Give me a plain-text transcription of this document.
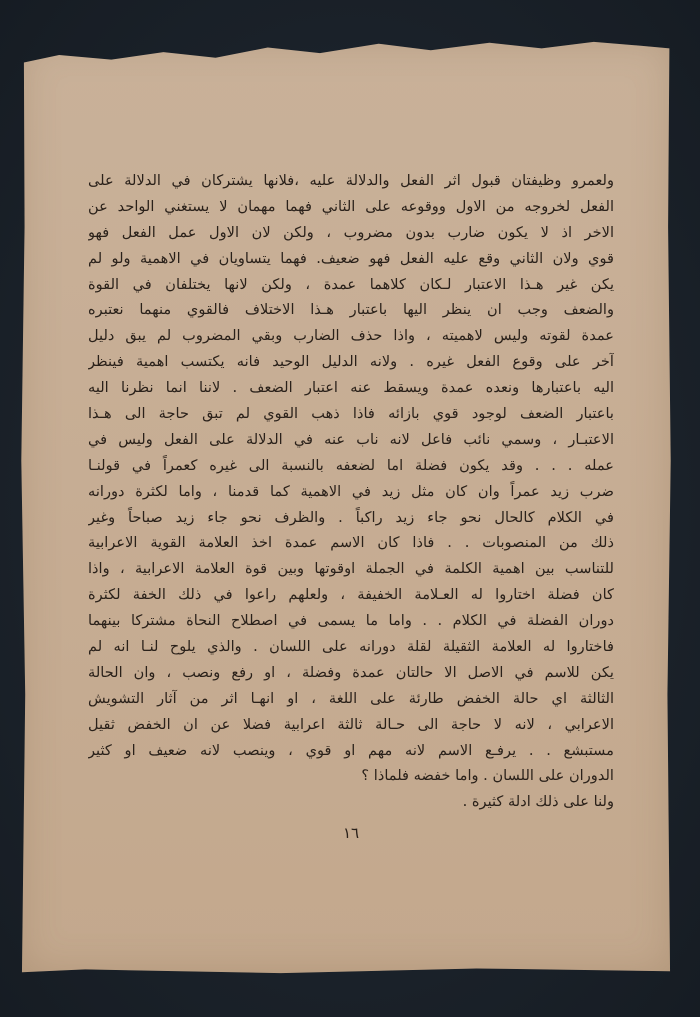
ولعمرو وظيفتان قبول اثر الفعل والدلالة عليه ،فلانها يشتركان في الدلالة على
الفعل لخروجه من الاول ووقوعه على الثاني فهما مهمان لا يستغني الواحد عن
الاخر اذ لا يكون ضارب بدون مضروب ، ولكن لان الاول عمل الفعل فهو
قوي ولان الثاني وقع عليه الفعل فهو ضعيف. فهما يتساويان في الاهمية ولو لم
يكن غير هـذا الاعتبار لـكان كلاهما عمدة ، ولكن لانها يختلفان في القوة
والضعف وجب ان ينظر اليها باعتبار هـذا الاختلاف فالقوي منهما نعتبره
عمدة لقوته وليس لاهميته ، واذا حذف الضارب وبقي المضروب لم يبق دليل
آخر على وقوع الفعل غيره . ولانه الدليل الوحيد فانه يكتسب اهمية فينظر
اليه باعتبارها ونعده عمدة ويسقط عنه اعتبار الضعف . لاننا انما نظرنا اليه
باعتبار الضعف لوجود قوي بازائه فاذا ذهب القوي لم تبق حاجة الى هـذا
الاعتبـار ، وسمي نائب فاعل لانه ناب عنه في الدلالة على الفعل وليس في
عمله . . . وقد يكون فضلة اما لضعفه بالنسبة الى غيره كعمراً في قولنـا
ضرب زيد عمراً وان كان مثل زيد في الاهمية كما قدمنا ، واما لكثرة دورانه
في الكلام كالحال نحو جاء زيد راكباً . والظرف نحو جاء زيد صباحاً وغير
ذلك من المنصوبات . . فاذا كان الاسم عمدة اخذ العلامة القوية الاعرابية
للتناسب بين اهمية الكلمة في الجملة اوقوتها وبين قوة العلامة الاعرابية ، واذا
كان فضلة اختاروا له العـلامة الخفيفة ، ولعلهم راعوا في ذلك الخفة لكثرة
دوران الفضلة في الكلام . . واما ما يسمى في اصطلاح النحاة مشتركا بينهما
فاختاروا له العلامة الثقيلة لقلة دورانه على اللسان . والذي يلوح لنـا انه لم
يكن للاسم في الاصل الا حالتان عمدة وفضلة ، او رفع ونصب ، وان الحالة
الثالثة اي حالة الخفض طارئة على اللغة ، او انهـا اثر من آثار التشويش
الاعرابي ، لانه لا حاجة الى حـالة ثالثة اعرابية فضلا عن ان الخفض ثقيل
مستبشع . . يرفـع الاسم لانه مهم او قوي ، وينصب لانه ضعيف او كثير
الدوران على اللسان . واما خفضه فلماذا ؟
ولنا على ذلك ادلة كثيرة .
١٦
